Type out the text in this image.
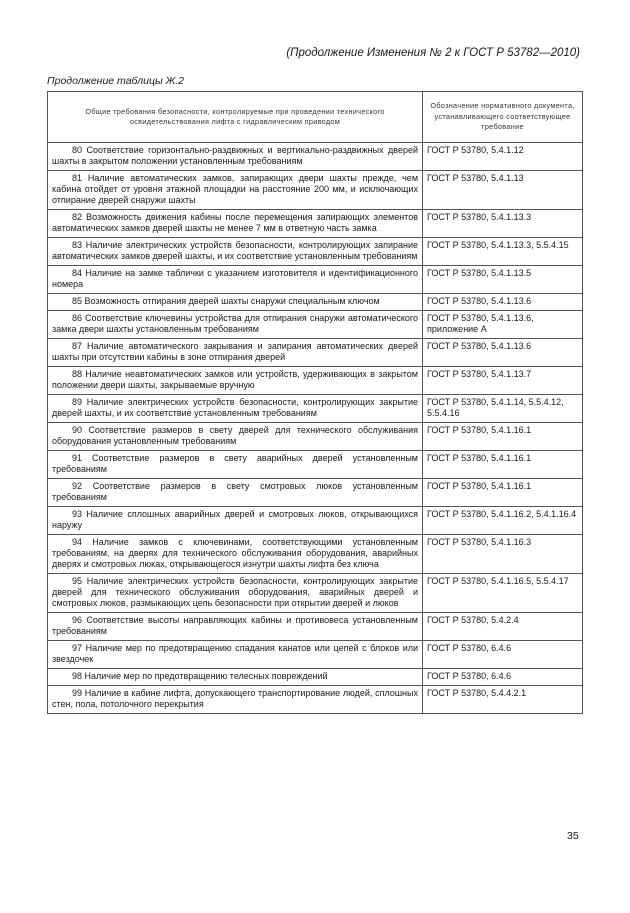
(Продолжение Изменения № 2 к ГОСТ Р 53782—2010)
Продолжение таблицы Ж.2
Общие требования безопасности, контролируемые при проведении технического освидетельствования лифта с гидравлическим приводом	Обозначение нормативного документа, устанавливающего соответствующее требование
80 Соответствие горизонтально-раздвижных и вертикально-раздвижных дверей шахты в закрытом положении установленным требованиям	ГОСТ Р 53780, 5.4.1.12
81 Наличие автоматических замков, запирающих двери шахты прежде, чем кабина отойдет от уровня этажной площадки на расстояние 200 мм, и исключающих отпирание дверей снаружи шахты	ГОСТ Р 53780, 5.4.1.13
82 Возможность движения кабины после перемещения запирающих элементов автоматических замков дверей шахты не менее 7 мм в ответную часть замка	ГОСТ Р 53780, 5.4.1.13.3
83 Наличие электрических устройств безопасности, контролирующих запирание автоматических замков дверей шахты, и их соответствие установленным требованиям	ГОСТ Р 53780, 5.4.1.13.3, 5.5.4.15
84 Наличие на замке таблички с указанием изготовителя и идентификационного номера	ГОСТ Р 53780, 5.4.1.13.5
85 Возможность отпирания дверей шахты снаружи специальным ключом	ГОСТ Р 53780, 5.4.1.13.6
86 Соответствие ключевины устройства для отпирания снаружи автоматического замка двери шахты установленным требованиям	ГОСТ Р 53780, 5.4.1.13.6, приложение А
87 Наличие автоматического закрывания и запирания автоматических дверей шахты при отсутствии кабины в зоне отпирания дверей	ГОСТ Р 53780, 5.4.1.13.6
88 Наличие неавтоматических замков или устройств, удерживающих в закрытом положении двери шахты, закрываемые вручную	ГОСТ Р 53780, 5.4.1.13.7
89 Наличие электрических устройств безопасности, контролирующих закрытие дверей шахты, и их соответствие установленным требованиям	ГОСТ Р 53780, 5.4.1.14, 5.5.4.12, 5.5.4.16
90 Соответствие размеров в свету дверей для технического обслуживания оборудования установленным требованиям	ГОСТ Р 53780, 5.4.1.16.1
91 Соответствие размеров в свету аварийных дверей установленным требованиям	ГОСТ Р 53780, 5.4.1.16.1
92 Соответствие размеров в свету смотровых люков установленным требованиям	ГОСТ Р 53780, 5.4.1.16.1
93 Наличие сплошных аварийных дверей и смотровых люков, открывающихся наружу	ГОСТ Р 53780, 5.4.1.16.2, 5.4.1.16.4
94 Наличие замков с ключевинами, соответствующими установленным требованиям, на дверях для технического обслуживания оборудования, аварийных дверях и смотровых люках, открывающегося изнутри шахты лифта без ключа	ГОСТ Р 53780, 5.4.1.16.3
95 Наличие электрических устройств безопасности, контролирующих закрытие дверей для технического обслуживания оборудования, аварийных дверей и смотровых люков, размыкающих цепь безопасности при открытии дверей и люков	ГОСТ Р 53780, 5.4.1.16.5, 5.5.4.17
96 Соответствие высоты направляющих кабины и противовеса установленным требованиям	ГОСТ Р 53780, 5.4.2.4
97 Наличие мер по предотвращению спадания канатов или цепей с блоков или звездочек	ГОСТ Р 53780, 6.4.6
98 Наличие мер по предотвращению телесных повреждений	ГОСТ Р 53780, 6.4.6
99 Наличие в кабине лифта, допускающего транспортирование людей, сплошных стен, пола, потолочного перекрытия	ГОСТ Р 53780, 5.4.4.2.1
35
